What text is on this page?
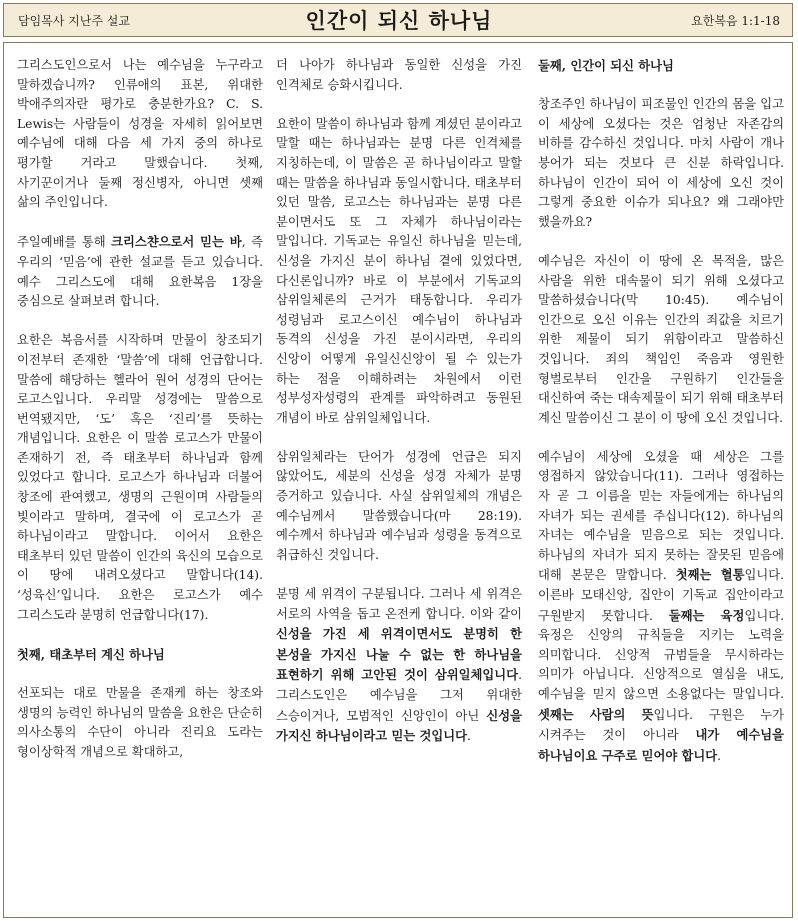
담임목사 지난주 설교	인간이 되신 하나님	요한복음 1:1-18

그리스도인으로서 나는 예수님을 누구라고 말하겠습니까? 인류애의 표본, 위대한 박애주의자란 평가로 충분한가요? C. S. Lewis는 사람들이 성경을 자세히 읽어보면 예수님에 대해 다음 세 가지 중의 하나로 평가할 거라고 말했습니다. 첫째, 사기꾼이거나 둘째 정신병자, 아니면 셋째 삶의 주인입니다.

주일예배를 통해 크리스챤으로서 믿는 바, 즉 우리의 ‘믿음’에 관한 설교를 듣고 있습니다. 예수 그리스도에 대해 요한복음 1장을 중심으로 살펴보려 합니다.

요한은 복음서를 시작하며 만물이 창조되기 이전부터 존재한 ‘말씀’에 대해 언급합니다. 말씀에 해당하는 헬라어 원어 성경의 단어는 로고스입니다. 우리말 성경에는 말씀으로 번역됐지만, ‘도’ 혹은 ‘진리’를 뜻하는 개념입니다. 요한은 이 말씀 로고스가 만물이 존재하기 전, 즉 태초부터 하나님과 함께 있었다고 합니다. 로고스가 하나님과 더불어 창조에 관여했고, 생명의 근원이며 사람들의 빛이라고 말하며, 결국에 이 로고스가 곧 하나님이라고 말합니다. 이어서 요한은 태초부터 있던 말씀이 인간의 육신의 모습으로 이 땅에 내려오셨다고 말합니다(14). ‘성육신’입니다. 요한은 로고스가 예수 그리스도라 분명히 언급합니다(17).

첫째, 태초부터 계신 하나님

선포되는 대로 만물을 존재케 하는 창조와 생명의 능력인 하나님의 말씀을 요한은 단순히 의사소통의 수단이 아니라 진리요 도라는 형이상학적 개념으로 확대하고,

더 나아가 하나님과 동일한 신성을 가진 인격체로 승화시킵니다.

요한이 말씀이 하나님과 함께 계셨던 분이라고 말할 때는 하나님과는 분명 다른 인격체를 지칭하는데, 이 말씀은 곧 하나님이라고 말할 때는 말씀을 하나님과 동일시합니다. 태초부터 있던 말씀, 로고스는 하나님과는 분명 다른 분이면서도 또 그 자체가 하나님이라는 말입니다. 기독교는 유일신 하나님을 믿는데, 신성을 가지신 분이 하나님 곁에 있었다면, 다신론입니까? 바로 이 부분에서 기독교의 삼위일체론의 근거가 태동합니다. 우리가 성령님과 로고스이신 예수님이 하나님과 동격의 신성을 가진 분이시라면, 우리의 신앙이 어떻게 유일신신앙이 될 수 있는가 하는 점을 이해하려는 차원에서 이런 성부성자성령의 관계를 파악하려고 동원된 개념이 바로 삼위일체입니다.

삼위일체라는 단어가 성경에 언급은 되지 않았어도, 세분의 신성을 성경 자체가 분명 증거하고 있습니다. 사실 삼위일체의 개념은 예수님께서 말씀했습니다(마 28:19). 예수께서 하나님과 예수님과 성령을 동격으로 취급하신 것입니다.

분명 세 위격이 구분됩니다. 그러나 세 위격은 서로의 사역을 돕고 온전케 합니다. 이와 같이 신성을 가진 세 위격이면서도 분명히 한 본성을 가지신 나눌 수 없는 한 하나님을 표현하기 위해 고안된 것이 삼위일체입니다. 그리스도인은 예수님을 그저 위대한 스승이거나, 모범적인 신앙인이 아닌 신성을 가지신 하나님이라고 믿는 것입니다.

둘째, 인간이 되신 하나님

창조주인 하나님이 피조물인 인간의 몸을 입고 이 세상에 오셨다는 것은 엄청난 자존감의 비하를 감수하신 것입니다. 마치 사람이 개나 붕어가 되는 것보다 큰 신분 하락입니다. 하나님이 인간이 되어 이 세상에 오신 것이 그렇게 중요한 이슈가 되나요? 왜 그래야만 했을까요?

예수님은 자신이 이 땅에 온 목적을, 많은 사람을 위한 대속물이 되기 위해 오셨다고 말씀하셨습니다(막 10:45). 예수님이 인간으로 오신 이유는 인간의 죄값을 치르기 위한 제물이 되기 위함이라고 말씀하신 것입니다. 죄의 책임인 죽음과 영원한 형벌로부터 인간을 구원하기 인간들을 대신하여 죽는 대속제물이 되기 위해 태초부터 계신 말씀이신 그 분이 이 땅에 오신 것입니다.

예수님이 세상에 오셨을 때 세상은 그를 영접하지 않았습니다(11). 그러나 영접하는 자 곧 그 이름을 믿는 자들에게는 하나님의 자녀가 되는 권세를 주십니다(12). 하나님의 자녀는 예수님을 믿음으로 되는 것입니다. 하나님의 자녀가 되지 못하는 잘못된 믿음에 대해 본문은 말합니다. 첫째는 혈통입니다. 이른바 모태신앙, 집안이 기독교 집안이라고 구원받지 못합니다. 둘째는 육정입니다. 육정은 신앙의 규칙들을 지키는 노력을 의미합니다. 신앙적 규범들을 무시하라는 의미가 아닙니다. 신앙적으로 열심을 내도, 예수님을 믿지 않으면 소용없다는 말입니다. 셋째는 사람의 뜻입니다. 구원은 누가 시켜주는 것이 아니라 내가 예수님을 하나님이요 구주로 믿어야 합니다.
